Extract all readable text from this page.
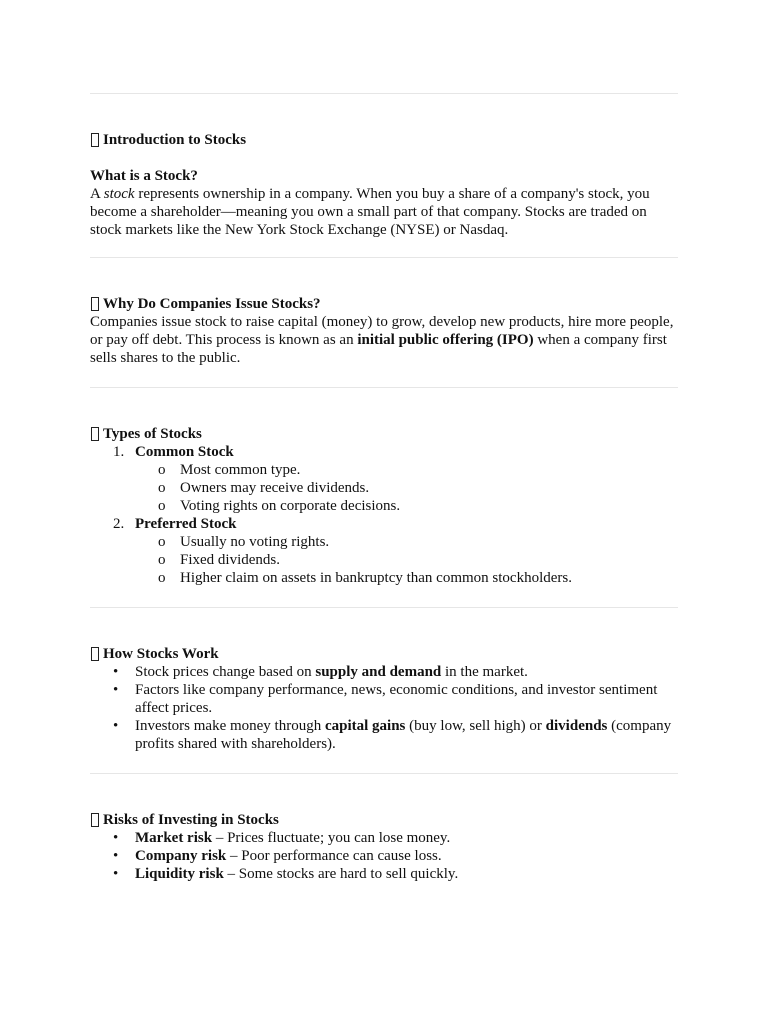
Introduction to Stocks
What is a Stock?

A stock represents ownership in a company. When you buy a share of a company's stock, you become a shareholder—meaning you own a small part of that company. Stocks are traded on stock markets like the New York Stock Exchange (NYSE) or Nasdaq.

Why Do Companies Issue Stocks?

Companies issue stock to raise capital (money) to grow, develop new products, hire more people, or pay off debt. This process is known as an initial public offering (IPO) when a company first sells shares to the public.

Types of Stocks
1. Common Stock
o Most common type.
o Owners may receive dividends.
o Voting rights on corporate decisions.
2. Preferred Stock
o Usually no voting rights.
o Fixed dividends.
o Higher claim on assets in bankruptcy than common stockholders.
How Stocks Work
• Stock prices change based on supply and demand in the market.
• Factors like company performance, news, economic conditions, and investor sentiment affect prices.
• Investors make money through capital gains (buy low, sell high) or dividends (company profits shared with shareholders).
Risks of Investing in Stocks
• Market risk – Prices fluctuate; you can lose money.
• Company risk – Poor performance can cause loss.
• Liquidity risk – Some stocks are hard to sell quickly.
